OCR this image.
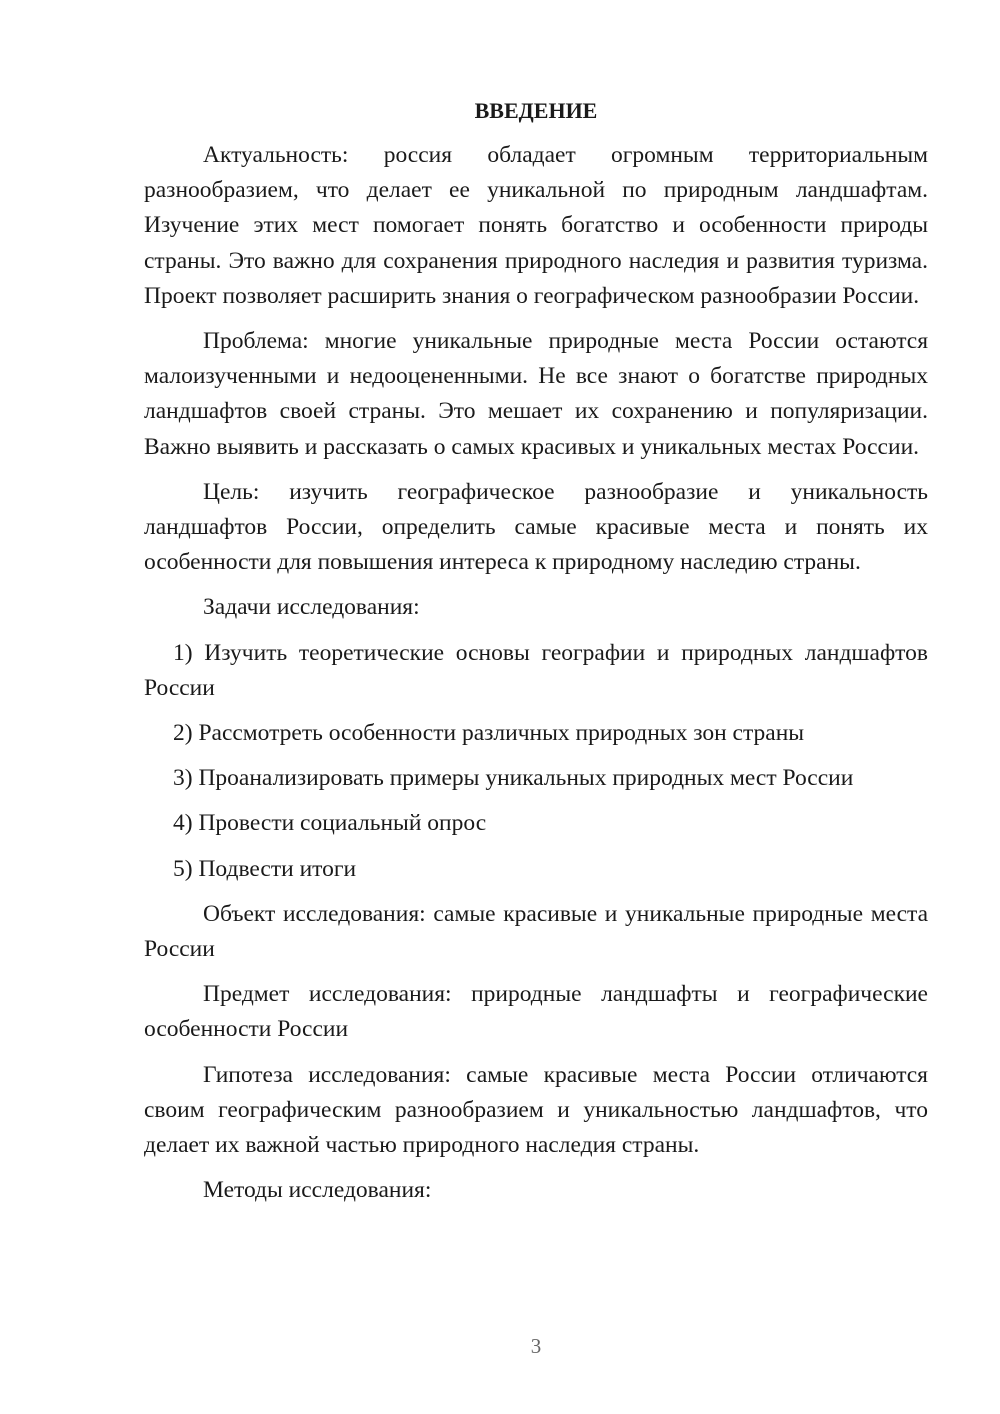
ВВЕДЕНИЕ

Актуальность: россия обладает огромным территориальным разнообразием, что делает ее уникальной по природным ландшафтам. Изучение этих мест помогает понять богатство и особенности природы страны. Это важно для сохранения природного наследия и развития туризма. Проект позволяет расширить знания о географическом разнообразии России.

Проблема: многие уникальные природные места России остаются малоизученными и недооцененными. Не все знают о богатстве природных ландшафтов своей страны. Это мешает их сохранению и популяризации. Важно выявить и рассказать о самых красивых и уникальных местах России.

Цель: изучить географическое разнообразие и уникальность ландшафтов России, определить самые красивые места и понять их особенности для повышения интереса к природному наследию страны.

Задачи исследования:

1) Изучить теоретические основы географии и природных ландшафтов России

2) Рассмотреть особенности различных природных зон страны

3) Проанализировать примеры уникальных природных мест России

4) Провести социальный опрос

5) Подвести итоги

Объект исследования: самые красивые и уникальные природные места России

Предмет исследования: природные ландшафты и географические особенности России

Гипотеза исследования: самые красивые места России отличаются своим географическим разнообразием и уникальностью ландшафтов, что делает их важной частью природного наследия страны.

Методы исследования:

3
